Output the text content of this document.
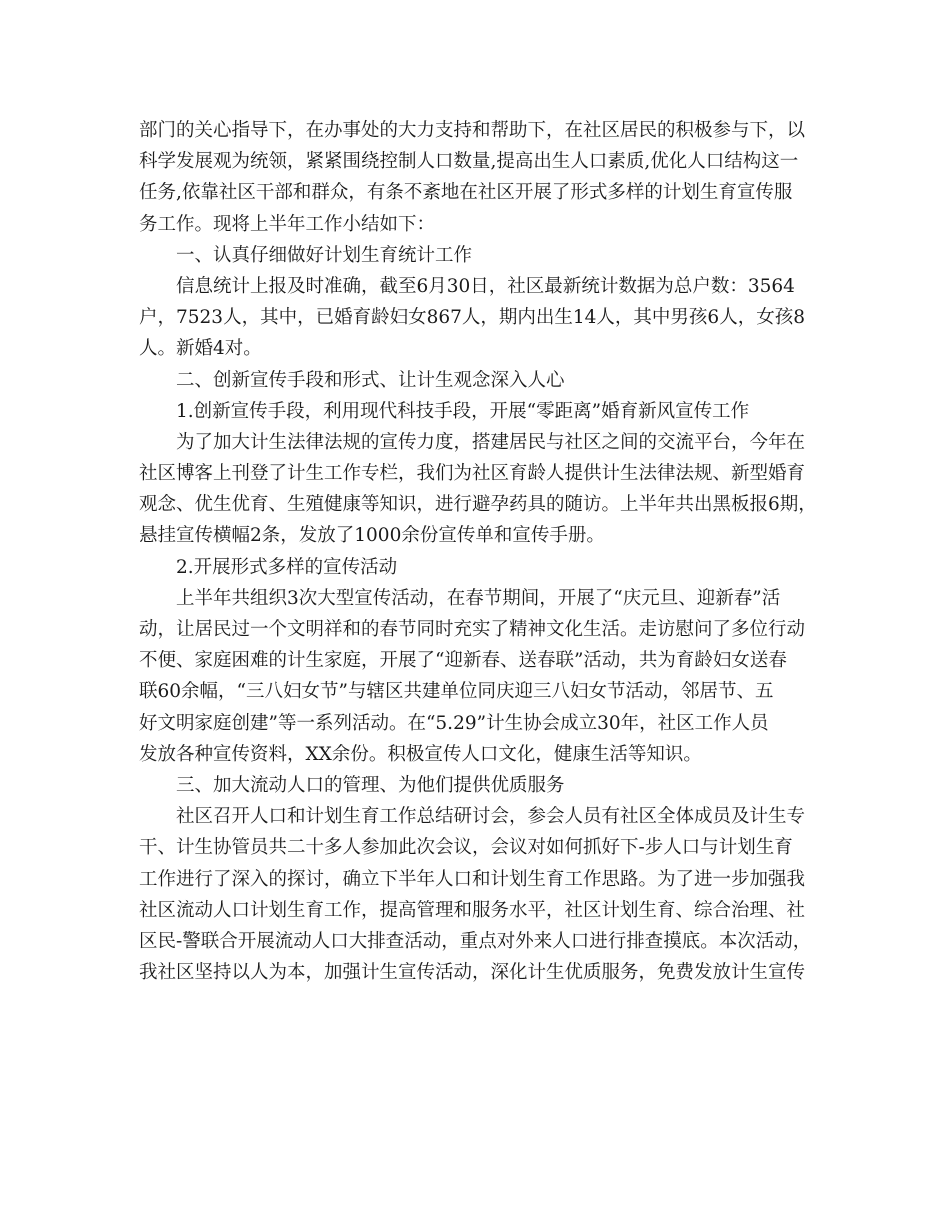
部门的关心指导下，在办事处的大力支持和帮助下，在社区居民的积极参与下，以
科学发展观为统领，紧紧围绕控制人口数量,提高出生人口素质,优化人口结构这一
任务,依靠社区干部和群众，有条不紊地在社区开展了形式多样的计划生育宣传服
务工作。现将上半年工作小结如下：
一、认真仔细做好计划生育统计工作
信息统计上报及时准确，截至6月30日，社区最新统计数据为总户数：3564
户，7523人，其中，已婚育龄妇女867人，期内出生14人，其中男孩6人，女孩8
人。新婚4对。
二、创新宣传手段和形式、让计生观念深入人心
1.创新宣传手段，利用现代科技手段，开展“零距离”婚育新风宣传工作
为了加大计生法律法规的宣传力度，搭建居民与社区之间的交流平台，今年在
社区博客上刊登了计生工作专栏，我们为社区育龄人提供计生法律法规、新型婚育
观念、优生优育、生殖健康等知识，进行避孕药具的随访。上半年共出黑板报6期，
悬挂宣传横幅2条，发放了1000余份宣传单和宣传手册。
2.开展形式多样的宣传活动
上半年共组织3次大型宣传活动，在春节期间，开展了“庆元旦、迎新春”活
动，让居民过一个文明祥和的春节同时充实了精神文化生活。走访慰问了多位行动
不便、家庭困难的计生家庭，开展了“迎新春、送春联”活动，共为育龄妇女送春
联60余幅，“三八妇女节”与辖区共建单位同庆迎三八妇女节活动，邻居节、五
好文明家庭创建”等一系列活动。在“5.29”计生协会成立30年，社区工作人员
发放各种宣传资料，XX余份。积极宣传人口文化，健康生活等知识。
三、加大流动人口的管理、为他们提供优质服务
社区召开人口和计划生育工作总结研讨会，参会人员有社区全体成员及计生专
干、计生协管员共二十多人参加此次会议，会议对如何抓好下-步人口与计划生育
工作进行了深入的探讨，确立下半年人口和计划生育工作思路。为了进一步加强我
社区流动人口计划生育工作，提高管理和服务水平，社区计划生育、综合治理、社
区民-警联合开展流动人口大排查活动，重点对外来人口进行排查摸底。本次活动，
我社区坚持以人为本，加强计生宣传活动，深化计生优质服务，免费发放计生宣传
